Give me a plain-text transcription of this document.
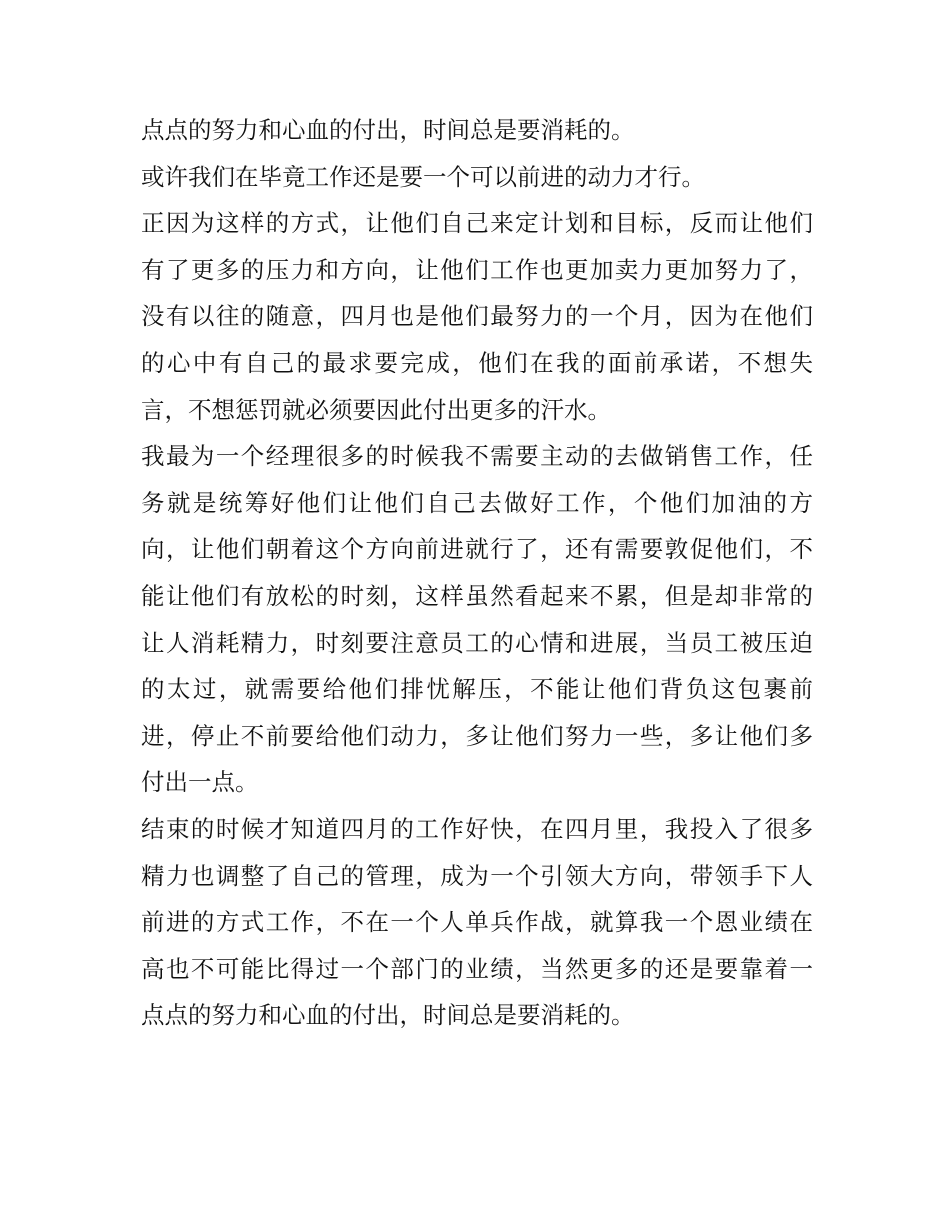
点点的努力和心血的付出，时间总是要消耗的。
或许我们在毕竟工作还是要一个可以前进的动力才行。
正因为这样的方式，让他们自己来定计划和目标，反而让他们
有了更多的压力和方向，让他们工作也更加卖力更加努力了，
没有以往的随意，四月也是他们最努力的一个月，因为在他们
的心中有自己的最求要完成，他们在我的面前承诺，不想失
言，不想惩罚就必须要因此付出更多的汗水。
我最为一个经理很多的时候我不需要主动的去做销售工作，任
务就是统筹好他们让他们自己去做好工作，个他们加油的方
向，让他们朝着这个方向前进就行了，还有需要敦促他们，不
能让他们有放松的时刻，这样虽然看起来不累，但是却非常的
让人消耗精力，时刻要注意员工的心情和进展，当员工被压迫
的太过，就需要给他们排忧解压，不能让他们背负这包裹前
进，停止不前要给他们动力，多让他们努力一些，多让他们多
付出一点。
结束的时候才知道四月的工作好快，在四月里，我投入了很多
精力也调整了自己的管理，成为一个引领大方向，带领手下人
前进的方式工作，不在一个人单兵作战，就算我一个恩业绩在
高也不可能比得过一个部门的业绩，当然更多的还是要靠着一
点点的努力和心血的付出，时间总是要消耗的。
